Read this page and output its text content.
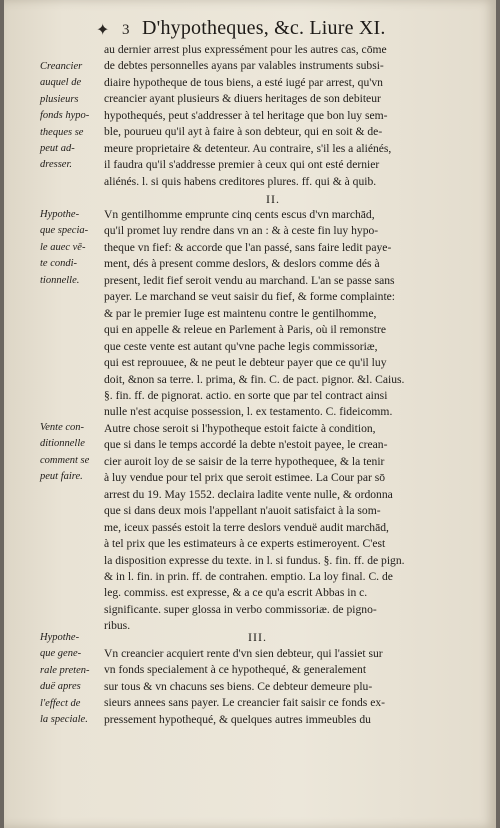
✦ 3 D'hypotheques, &c. Liure XI.
Creancier
auquel de
plusieurs
fonds hypo-
theques se
peut ad-
dresser.
au dernier arrest plus expressément pour les autres cas, cōme
de debtes personnelles ayans par valables instruments subsi-
diaire hypotheque de tous biens, a esté iugé par arrest, qu'vn
creancier ayant plusieurs & diuers heritages de son debiteur
hypothequés, peut s'addresser à tel heritage que bon luy sem-
ble, pourueu qu'il ayt à faire à son debteur, qui en soit & de-
meure proprietaire & detenteur. Au contraire, s'il les a aliénés,
il faudra qu'il s'addresse premier à ceux qui ont esté dernier
aliénés. l. si quis habens creditores plures. ff. qui & à quib.
II.
Hypothe-
que specia-
le auec vē-
te condi-
tionnelle.
Vente con-
ditionnelle
comment se
peut faire.
Vn gentilhomme emprunte cinq cents escus d'vn marchād,
qu'il promet luy rendre dans vn an : & à ceste fin luy hypo-
theque vn fief: & accorde que l'an passé, sans faire ledit paye-
ment, dés à present comme deslors, & deslors comme dés à
present, ledit fief seroit vendu au marchand. L'an se passe sans
payer. Le marchand se veut saisir du fief, & forme complainte:
& par le premier Iuge est maintenu contre le gentilhomme,
qui en appelle & releue en Parlement à Paris, où il remonstre
que ceste vente est autant qu'vne pache legis commissoriæ,
qui est reprouuee, & ne peut le debteur payer que ce qu'il luy
doit, &non sa terre. l. prima, & fin. C. de pact. pignor. &l. Caius.
§. fin. ff. de pignorat. actio. en sorte que par tel contract ainsi
nulle n'est acquise possession, l. ex testamento. C. fideicomm.
Autre chose seroit si l'hypotheque estoit faicte à condition,
que si dans le temps accordé la debte n'estoit payee, le crean-
cier auroit loy de se saisir de la terre hypothequee, & la tenir
à luy vendue pour tel prix que seroit estimee. La Cour par sō
arrest du 19. May 1552. declaira ladite vente nulle, & ordonna
que si dans deux mois l'appellant n'auoit satisfaict à la som-
me, iceux passés estoit la terre deslors venduë audit marchād,
à tel prix que les estimateurs à ce experts estimeroyent. C'est
la disposition expresse du texte. in l. si fundus. §. fin. ff. de pign.
& in l. fin. in prin. ff. de contrahen. emptio. La loy final. C. de
leg. commiss. est expresse, & a ce qu'a escrit Abbas in c.
significante. super glossa in verbo commissoriæ. de pigno-
ribus.
III.
Hypothe-
que gene-
rale preten-
duë apres
l'effect de
la speciale.
Vn creancier acquiert rente d'vn sien debteur, qui l'assiet sur
vn fonds specialement à ce hypothequé, & generalement
sur tous & vn chacuns ses biens. Ce debteur demeure plu-
sieurs annees sans payer. Le creancier fait saisir ce fonds ex-
pressement hypothequé, & quelques autres immeubles du
